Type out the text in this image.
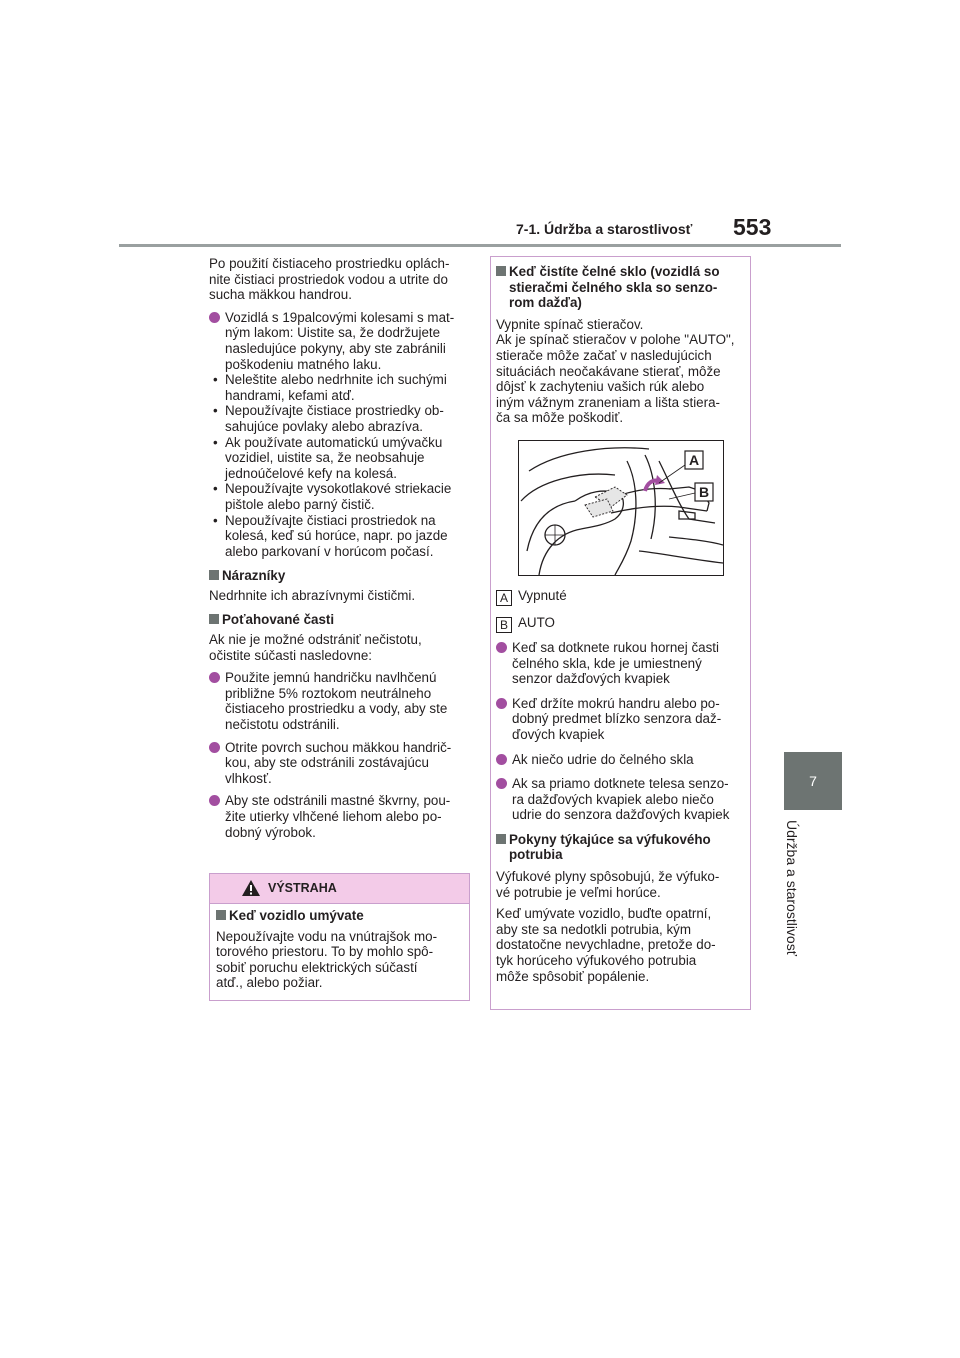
7-1. Údržba a starostlivosť 553
7
Údržba a starostlivosť

Po použití čistiaceho prostriedku oplách-
nite čistiaci prostriedok vodou a utrite do
sucha mäkkou handrou.

Vozidlá s 19palcovými kolesami s mat-
ným lakom: Uistite sa, že dodržujete
nasledujúce pokyny, aby ste zabránili
poškodeniu matného laku.
• Neleštite alebo nedrhnite ich suchými
handrami, kefami atď.
• Nepoužívajte čistiace prostriedky ob-
sahujúce povlaky alebo abrazíva.
• Ak používate automatickú umývačku
vozidiel, uistite sa, že neobsahuje
jednoúčelové kefy na kolesá.
• Nepoužívajte vysokotlakové striekacie
pištole alebo parný čistič.
• Nepoužívajte čistiaci prostriedok na
kolesá, keď sú horúce, napr. po jazde
alebo parkovaní v horúcom počasí.
Nárazníky

Nedrhnite ich abrazívnymi čističmi.

Poťahované časti

Ak nie je možné odstrániť nečistotu,
očistite súčasti nasledovne:

Použite jemnú handričku navlhčenú
približne 5% roztokom neutrálneho
čistiaceho prostriedku a vody, aby ste
nečistotu odstránili.
Otrite povrch suchou mäkkou handrič-
kou, aby ste odstránili zostávajúcu
vlhkosť.
Aby ste odstránili mastné škvrny, pou-
žite utierky vlhčené liehom alebo po-
dobný výrobok.
VÝSTRAHA
Keď vozidlo umývate

Nepoužívajte vodu na vnútrajšok mo-
torového priestoru. To by mohlo spô-
sobiť poruchu elektrických súčastí
atď., alebo požiar.

Keď čistíte čelné sklo (vozidlá so
stieračmi čelného skla so senzo-
rom dažďa)

Vypnite spínač stieračov.
Ak je spínač stieračov v polohe "AUTO",
stierače môže začať v nasledujúcich
situáciách neočakávane stierať, môže
dôjsť k zachyteniu vašich rúk alebo
iným vážnym zraneniam a lišta stiera-
ča sa môže poškodiť.

A Vypnuté

B AUTO

Keď sa dotknete rukou hornej časti
čelného skla, kde je umiestnený
senzor dažďových kvapiek
Keď držíte mokrú handru alebo po-
dobný predmet blízko senzora daž-
ďových kvapiek
Ak niečo udrie do čelného skla
Ak sa priamo dotknete telesa senzo-
ra dažďových kvapiek alebo niečo
udrie do senzora dažďových kvapiek
Pokyny týkajúce sa výfukového
potrubia

Výfukové plyny spôsobujú, že výfuko-
vé potrubie je veľmi horúce.

Keď umývate vozidlo, buďte opatrní,
aby ste sa nedotkli potrubia, kým
dostatočne nevychladne, pretože do-
tyk horúceho výfukového potrubia
môže spôsobiť popálenie.

A
B
